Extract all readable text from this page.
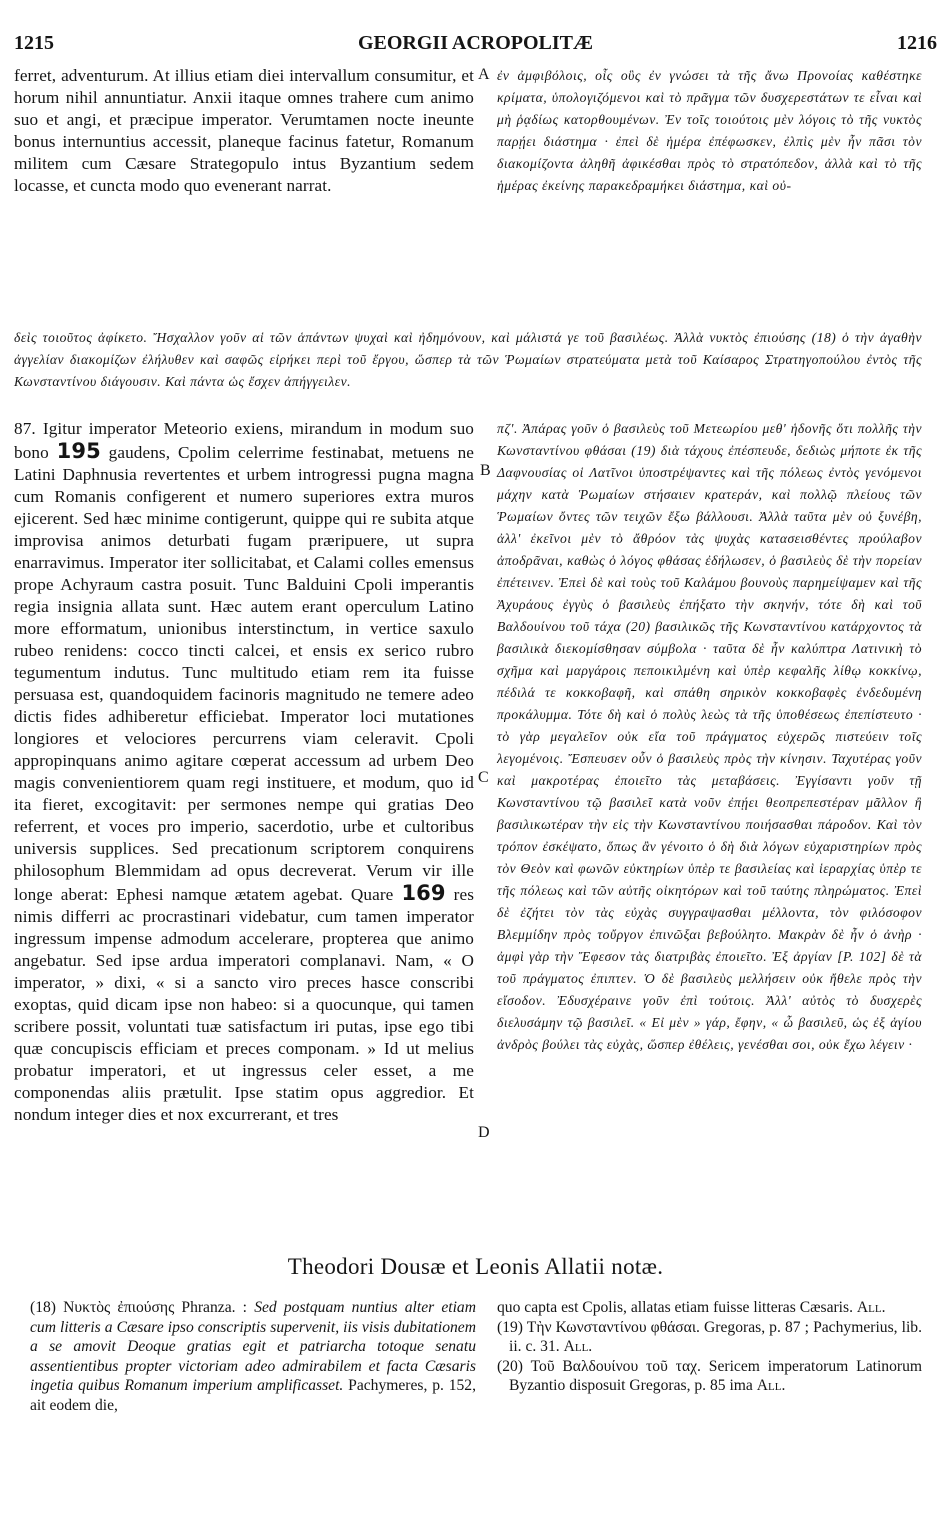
1215	GEORGII ACROPOLITÆ	1216
ferret, adventurum. At illius etiam diei intervallum consumitur, et horum nihil annuntiatur. Anxii itaque omnes trahere cum animo suo et angi, et præcipue imperator. Verumtamen nocte ineunte bonus internuntius accessit, planeque facinus fatetur, Romanum militem cum Cæsare Strategopulo intus Byzantium sedem locasse, et cuncta modo quo evenerant narrat.
ἐν ἀμφιβόλοις, οἷς οὓς ἐν γνώσει τὰ τῆς ἄνω Προνοίας καθέστηκε κρίματα, ὑπολογιζόμενοι καὶ τὸ πρᾶγμα τῶν δυσχερεστάτων τε εἶναι καὶ μὴ ῥᾳδίως κατορθουμένων. Ἐν τοῖς τοιούτοις μὲν λόγοις τὸ τῆς νυκτὸς παρῄει διάστημα · ἐπεὶ δὲ ἡμέρα ἐπέφωσκεν, ἐλπὶς μὲν ἦν πᾶσι τὸν διακομίζοντα ἀληθῆ ἀφικέσθαι πρὸς τὸ στρατόπεδον, ἀλλὰ καὶ τὸ τῆς ἡμέρας ἐκείνης παρακεδραμήκει διάστημα, καὶ οὐ-
A
δεὶς τοιοῦτος ἀφίκετο. Ἤσχαλλον γοῦν αἱ τῶν ἁπάντων ψυχαὶ καὶ ἠδημόνουν, καὶ μάλιστά γε τοῦ βασιλέως. Ἀλλὰ νυκτὸς ἐπιούσης (18) ὁ τὴν ἀγαθὴν ἀγγελίαν διακομίζων ἐλήλυθεν καὶ σαφῶς εἰρήκει περὶ τοῦ ἔργου, ὥσπερ τὰ τῶν Ῥωμαίων στρατεύματα μετὰ τοῦ Καίσαρος Στρατηγοπούλου ἐντὸς τῆς Κωνσταντίνου διάγουσιν. Καὶ πάντα ὡς ἔσχεν ἀπήγγειλεν.
87. Igitur imperator Meteorio exiens, mirandum in modum suo bono 195 gaudens, Cpolim celerrime festinabat, metuens ne Latini Daphnusia revertentes et urbem introgressi pugna magna cum Romanis configerent et numero superiores extra muros ejicerent. Sed hæc minime contigerunt, quippe qui re subita atque improvisa animos deturbati fugam præripuere, ut supra enarravimus. Imperator iter sollicitabat, et Calami colles emensus prope Achyraum castra posuit. Tunc Balduini Cpoli imperantis regia insignia allata sunt. Hæc autem erant operculum Latino more efformatum, unionibus interstinctum, in vertice saxulo rubeo renidens: cocco tincti calcei, et ensis ex serico rubro tegumentum indutus. Tunc multitudo etiam rem ita fuisse persuasa est, quandoquidem facinoris magnitudo ne temere adeo dictis fides adhiberetur efficiebat. Imperator loci mutationes longiores et velociores percurrens viam celeravit. Cpoli appropinquans animo agitare cœperat accessum ad urbem Deo magis convenientiorem quam regi instituere, et modum, quo id ita fieret, excogitavit: per sermones nempe qui gratias Deo referrent, et voces pro imperio, sacerdotio, urbe et cultoribus universis supplices. Sed precationum scriptorem conquirens philosophum Blemmidam ad opus decreverat. Verum vir ille longe aberat: Ephesi namque ætatem agebat. Quare 169 res nimis differri ac procrastinari videbatur, cum tamen imperator ingressum impense admodum accelerare, propterea que animo angebatur. Sed ipse ardua imperatori complanavi. Nam, « O imperator, » dixi, « si a sancto viro preces hasce conscribi exoptas, quid dicam ipse non habeo: si a quocunque, qui tamen scribere possit, voluntati tuæ satisfactum iri putas, ipse ego tibi quæ concupiscis efficiam et preces componam. » Id ut melius probatur imperatori, et ut ingressus celer esset, a me componendas aliis prætulit. Ipse statim opus aggredior. Et nondum integer dies et nox excurrerant, et tres
πζ'. Ἀπάρας γοῦν ὁ βασιλεὺς τοῦ Μετεωρίου μεθ' ἡδονῆς ὅτι πολλῆς τὴν Κωνσταντίνου φθάσαι (19) διὰ τάχους ἐπέσπευδε, δεδιὼς μήποτε ἐκ τῆς Δαφνουσίας οἱ Λατῖνοι ὑποστρέψαντες καὶ τῆς πόλεως ἐντὸς γενόμενοι μάχην κατὰ Ῥωμαίων στήσαιεν κρατεράν, καὶ πολλῷ πλείους τῶν Ῥωμαίων ὄντες τῶν τειχῶν ἔξω βάλλουσι. Ἀλλὰ ταῦτα μὲν οὐ ξυνέβη, ἀλλ' ἐκεῖνοι μὲν τὸ ἄθρόον τὰς ψυχὰς κατασεισθέντες προύλαβον ἀποδρᾶναι, καθὼς ὁ λόγος φθάσας ἐδήλωσεν, ὁ βασιλεὺς δὲ τὴν πορείαν ἐπέτεινεν. Ἐπεὶ δὲ καὶ τοὺς τοῦ Καλάμου βουνοὺς παρημείψαμεν καὶ τῆς Ἀχυράους ἐγγὺς ὁ βασιλεὺς ἐπήξατο τὴν σκηνήν, τότε δὴ καὶ τοῦ Βαλδουίνου τοῦ τάχα (20) βασιλικῶς τῆς Κωνσταντίνου κατάρχοντος τὰ βασιλικὰ διεκομίσθησαν σύμβολα · ταῦτα δὲ ἦν καλύπτρα Λατινικὴ τὸ σχῆμα καὶ μαργάροις πεποικιλμένη καὶ ὑπὲρ κεφαλῆς λίθῳ κοκκίνῳ, πέδιλά τε κοκκοβαφῆ, καὶ σπάθη σηρικὸν κοκκοβαφὲς ἐνδεδυμένη προκάλυμμα. Τότε δὴ καὶ ὁ πολὺς λεὼς τὰ τῆς ὑποθέσεως ἐπεπίστευτο · τὸ γὰρ μεγαλεῖον οὐκ εἴα τοῦ πράγματος εὐχερῶς πιστεύειν τοῖς λεγομένοις. Ἔσπευσεν οὖν ὁ βασιλεὺς πρὸς τὴν κίνησιν. Ταχυτέρας γοῦν καὶ μακροτέρας ἐποιεῖτο τὰς μεταβάσεις. Ἐγγίσαντι γοῦν τῇ Κωνσταντίνου τῷ βασιλεῖ κατὰ νοῦν ἐπῄει θεοπρεπεστέραν μᾶλλον ἢ βασιλικωτέραν τὴν εἰς τὴν Κωνσταντίνου ποιήσασθαι πάροδον. Καὶ τὸν τρόπον ἐσκέψατο, ὅπως ἂν γένοιτο ὁ δὴ διὰ λόγων εὐχαριστηρίων πρὸς τὸν Θεὸν καὶ φωνῶν εὐκτηρίων ὑπὲρ τε βασιλείας καὶ ἱεραρχίας ὑπὲρ τε τῆς πόλεως καὶ τῶν αὐτῆς οἰκητόρων καὶ τοῦ ταύτης πληρώματος. Ἐπεὶ δὲ ἐζήτει τὸν τὰς εὐχὰς συγγραψασθαι μέλλοντα, τὸν φιλόσοφον Βλεμμίδην πρὸς τοὔργον ἐπινῶξαι βεβούλητο. Μακρὰν δὲ ἦν ὁ ἀνὴρ · ἀμφὶ γὰρ τὴν Ἔφεσον τὰς διατριβὰς ἐποιεῖτο. Ἐξ ἀργίαν [P. 102] δὲ τὰ τοῦ πράγματος ἐπιπτεν. Ὁ δὲ βασιλεὺς μελλήσειν οὐκ ἤθελε πρὸς τὴν εἴσοδον. Ἐδυσχέραινε γοῦν ἐπὶ τούτοις. Ἀλλ' αὐτὸς τὸ δυσχερὲς διελυσάμην τῷ βασιλεῖ. « Εἰ μὲν » γάρ, ἔφην, « ὦ βασιλεῦ, ὡς ἐξ ἁγίου ἀνδρὸς βούλει τὰς εὐχὰς, ὥσπερ ἐθέλεις, γενέσθαι σοι, οὐκ ἔχω λέγειν ·
B
C
D
Theodori Dousæ et Leonis Allatii notæ.

(18) Νυκτὸς ἐπιούσης Phranza. : Sed postquam nuntius alter etiam cum litteris a Cæsare ipso conscriptis supervenit, iis visis dubitationem a se amovit Deoque gratias egit et patriarcha totoque senatu assentientibus propter victoriam adeo admirabilem et facta Cæsaris ingetia quibus Romanum imperium amplificasset. Pachymeres, p. 152, ait eodem die,

quo capta est Cpolis, allatas etiam fuisse litteras Cæsaris. All.

(19) Τὴν Κωνσταντίνου φθάσαι. Gregoras, p. 87 ; Pachymerius, lib. ii. c. 31. All.

(20) Τοῦ Βαλδουίνου τοῦ ταχ. Sericem imperatorum Latinorum Byzantio disposuit Gregoras, p. 85 ima All.
